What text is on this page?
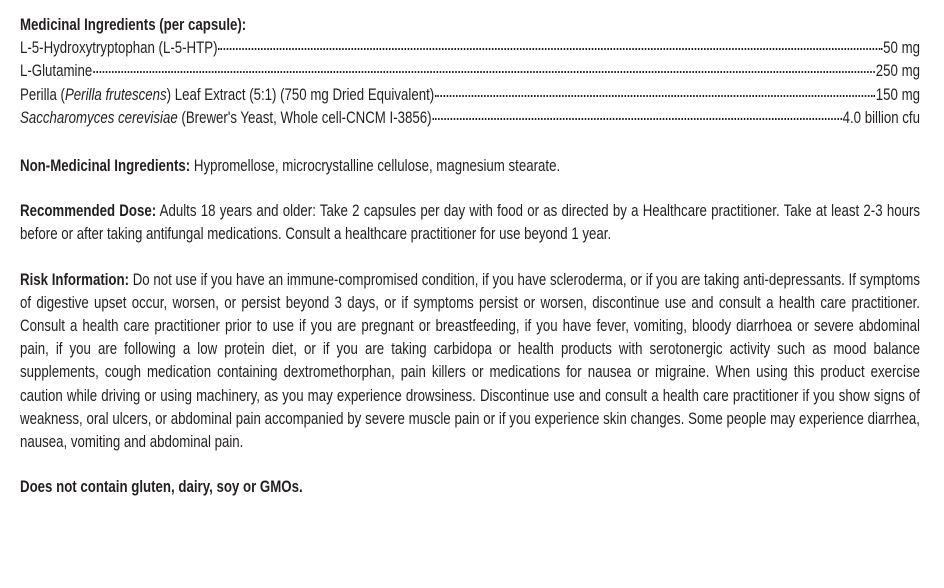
Medicinal Ingredients (per capsule):
L-5-Hydroxytryptophan (L-5-HTP)	50 mg
L-Glutamine	250 mg
Perilla (Perilla frutescens) Leaf Extract (5:1) (750 mg Dried Equivalent)	150 mg
Saccharomyces cerevisiae (Brewer's Yeast, Whole cell-CNCM I-3856)	4.0 billion cfu
Non-Medicinal Ingredients: Hypromellose, microcrystalline cellulose, magnesium stearate.
Recommended Dose: Adults 18 years and older: Take 2 capsules per day with food or as directed by a Healthcare practitioner. Take at least 2-3 hours before or after taking antifungal medications. Consult a healthcare practitioner for use beyond 1 year.
Risk Information: Do not use if you have an immune-compromised condition, if you have scleroderma, or if you are taking anti-depressants. If symptoms of digestive upset occur, worsen, or persist beyond 3 days, or if symptoms persist or worsen, discontinue use and consult a health care practitioner. Consult a health care practitioner prior to use if you are pregnant or breastfeeding, if you have fever, vomiting, bloody diarrhoea or severe abdominal pain, if you are following a low protein diet, or if you are taking carbidopa or health products with serotonergic activity such as mood balance supplements, cough medication containing dextromethorphan, pain killers or medications for nausea or migraine. When using this product exercise caution while driving or using machinery, as you may experience drowsiness. Discontinue use and consult a health care practitioner if you show signs of weakness, oral ulcers, or abdominal pain accompanied by severe muscle pain or if you experience skin changes. Some people may experience diarrhea, nausea, vomiting and abdominal pain.
Does not contain gluten, dairy, soy or GMOs.
